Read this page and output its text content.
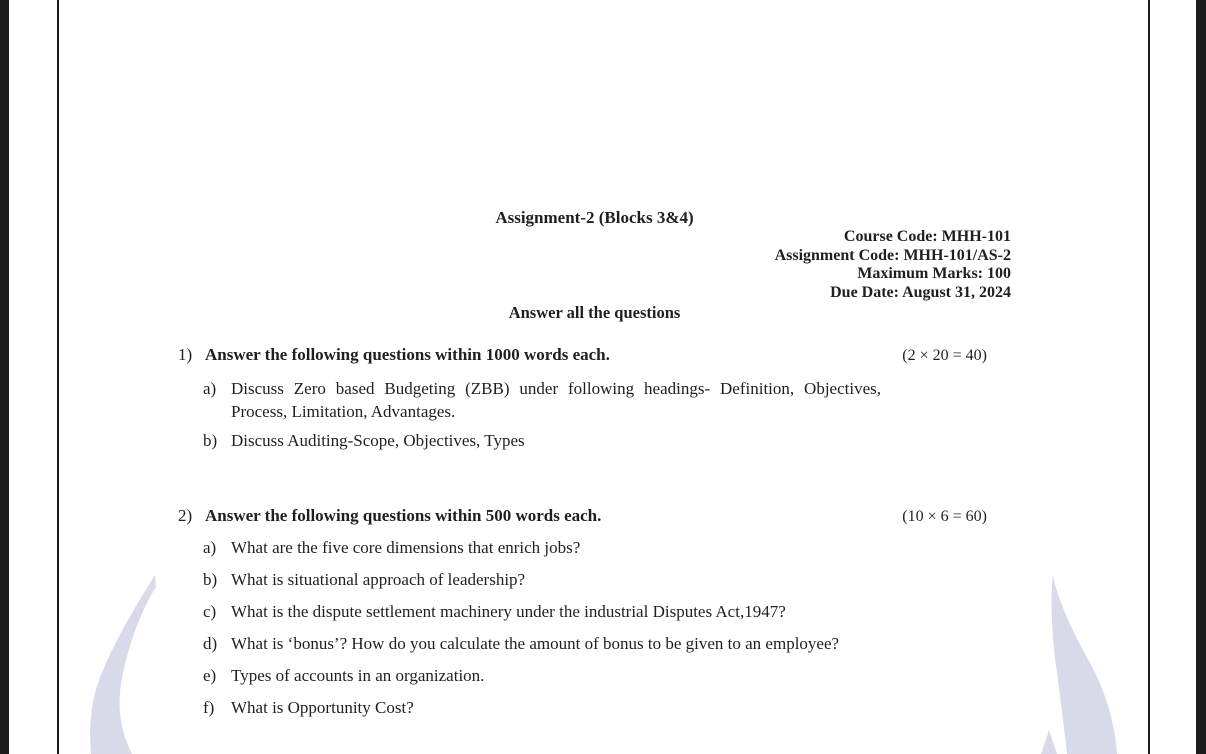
Assignment-2 (Blocks 3&4)
Course Code: MHH-101
Assignment Code: MHH-101/AS-2
Maximum Marks: 100
Due Date: August 31, 2024
Answer all the questions
1) Answer the following questions within 1000 words each.	(2 × 20 = 40)
a) Discuss Zero based Budgeting (ZBB) under following headings- Definition, Objectives, Process, Limitation, Advantages.
b) Discuss Auditing-Scope, Objectives, Types
2) Answer the following questions within 500 words each.	(10 × 6 = 60)
a) What are the five core dimensions that enrich jobs?
b) What is situational approach of leadership?
c) What is the dispute settlement machinery under the industrial Disputes Act,1947?
d) What is ‘bonus’? How do you calculate the amount of bonus to be given to an employee?
e) Types of accounts in an organization.
f) What is Opportunity Cost?
